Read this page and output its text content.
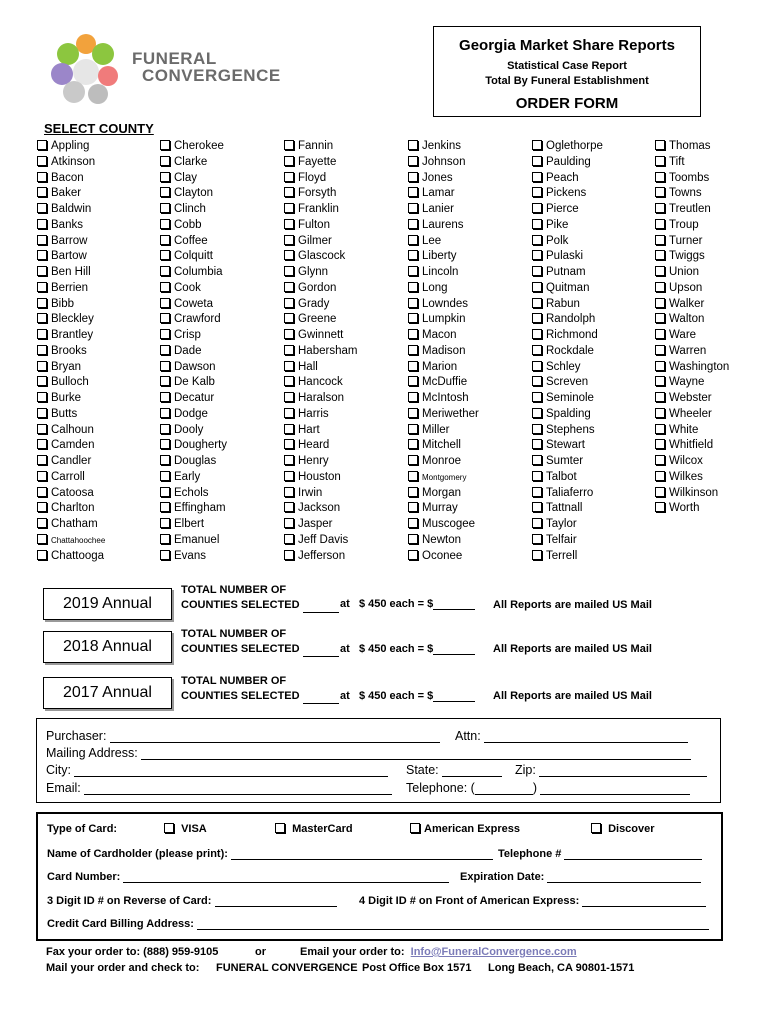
FUNERAL
CONVERGENCE
Georgia Market Share Reports
Statistical Case Report
Total By Funeral Establishment
ORDER FORM
SELECT COUNTY
Appling
Atkinson
Bacon
Baker
Baldwin
Banks
Barrow
Bartow
Ben Hill
Berrien
Bibb
Bleckley
Brantley
Brooks
Bryan
Bulloch
Burke
Butts
Calhoun
Camden
Candler
Carroll
Catoosa
Charlton
Chatham
Chattahoochee
Chattooga
Cherokee
Clarke
Clay
Clayton
Clinch
Cobb
Coffee
Colquitt
Columbia
Cook
Coweta
Crawford
Crisp
Dade
Dawson
De Kalb
Decatur
Dodge
Dooly
Dougherty
Douglas
Early
Echols
Effingham
Elbert
Emanuel
Evans
Fannin
Fayette
Floyd
Forsyth
Franklin
Fulton
Gilmer
Glascock
Glynn
Gordon
Grady
Greene
Gwinnett
Habersham
Hall
Hancock
Haralson
Harris
Hart
Heard
Henry
Houston
Irwin
Jackson
Jasper
Jeff Davis
Jefferson
Jenkins
Johnson
Jones
Lamar
Lanier
Laurens
Lee
Liberty
Lincoln
Long
Lowndes
Lumpkin
Macon
Madison
Marion
McDuffie
McIntosh
Meriwether
Miller
Mitchell
Monroe
Montgomery
Morgan
Murray
Muscogee
Newton
Oconee
Oglethorpe
Paulding
Peach
Pickens
Pierce
Pike
Polk
Pulaski
Putnam
Quitman
Rabun
Randolph
Richmond
Rockdale
Schley
Screven
Seminole
Spalding
Stephens
Stewart
Sumter
Talbot
Taliaferro
Tattnall
Taylor
Telfair
Terrell
Thomas
Tift
Toombs
Towns
Treutlen
Troup
Turner
Twiggs
Union
Upson
Walker
Walton
Ware
Warren
Washington
Wayne
Webster
Wheeler
White
Whitfield
Wilcox
Wilkes
Wilkinson
Worth
2019 Annual
TOTAL NUMBER OF
COUNTIES SELECTED	at $ 450 each = $	All Reports are mailed US Mail
2018 Annual
TOTAL NUMBER OF
COUNTIES SELECTED	at $ 450 each = $	All Reports are mailed US Mail
2017 Annual
TOTAL NUMBER OF
COUNTIES SELECTED	at $ 450 each = $	All Reports are mailed US Mail
Purchaser:	Attn:
Mailing Address:
City:	State:	Zip:
Email:	Telephone: (	)
Type of Card:	VISA	MasterCard	American Express	Discover
Name of Cardholder (please print):	Telephone #
Card Number:	Expiration Date:
3 Digit ID # on Reverse of Card:	4 Digit ID # on Front of American Express:
Credit Card Billing Address:
Fax your order to: (888) 959-9105	or	Email your order to: Info@FuneralConvergence.com
Mail your order and check to: FUNERAL CONVERGENCE Post Office Box 1571 Long Beach, CA 90801-1571
